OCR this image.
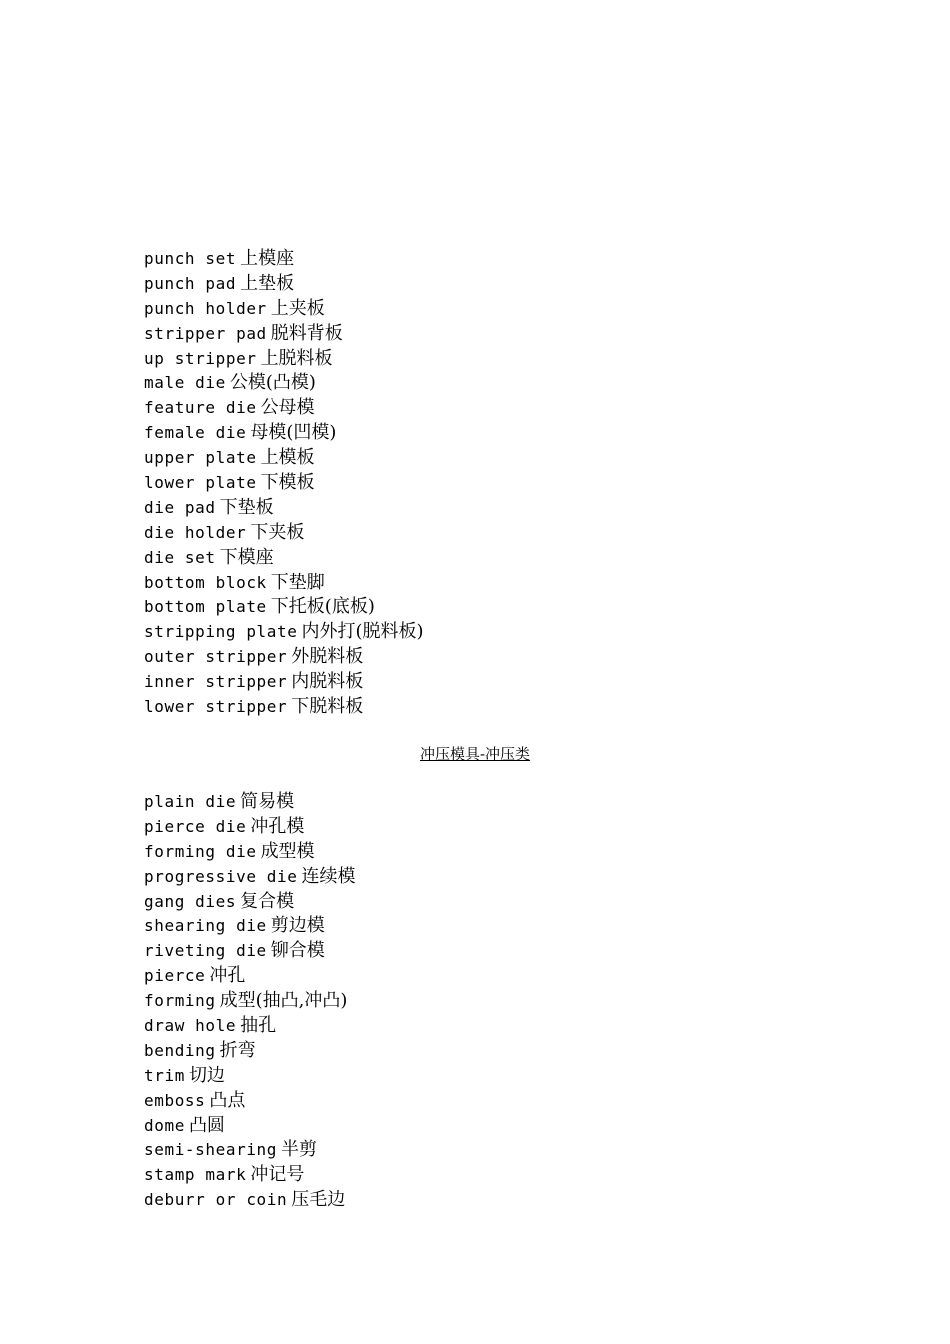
punch set 上模座
punch pad 上垫板
punch holder 上夹板
stripper pad 脱料背板
up stripper 上脱料板
male die 公模(凸模)
feature die 公母模
female die 母模(凹模)
upper plate 上模板
lower plate 下模板
die pad 下垫板
die holder 下夹板
die set 下模座
bottom block 下垫脚
bottom plate 下托板(底板)
stripping plate 内外打(脱料板)
outer stripper 外脱料板
inner stripper 内脱料板
lower stripper 下脱料板
冲压模具-冲压类
plain die 简易模
pierce die 冲孔模
forming die 成型模
progressive die 连续模
gang dies 复合模
shearing die 剪边模
riveting die 铆合模
pierce 冲孔
forming 成型(抽凸,冲凸)
draw hole 抽孔
bending 折弯
trim 切边
emboss 凸点
dome 凸圆
semi-shearing 半剪
stamp mark 冲记号
deburr or coin 压毛边
